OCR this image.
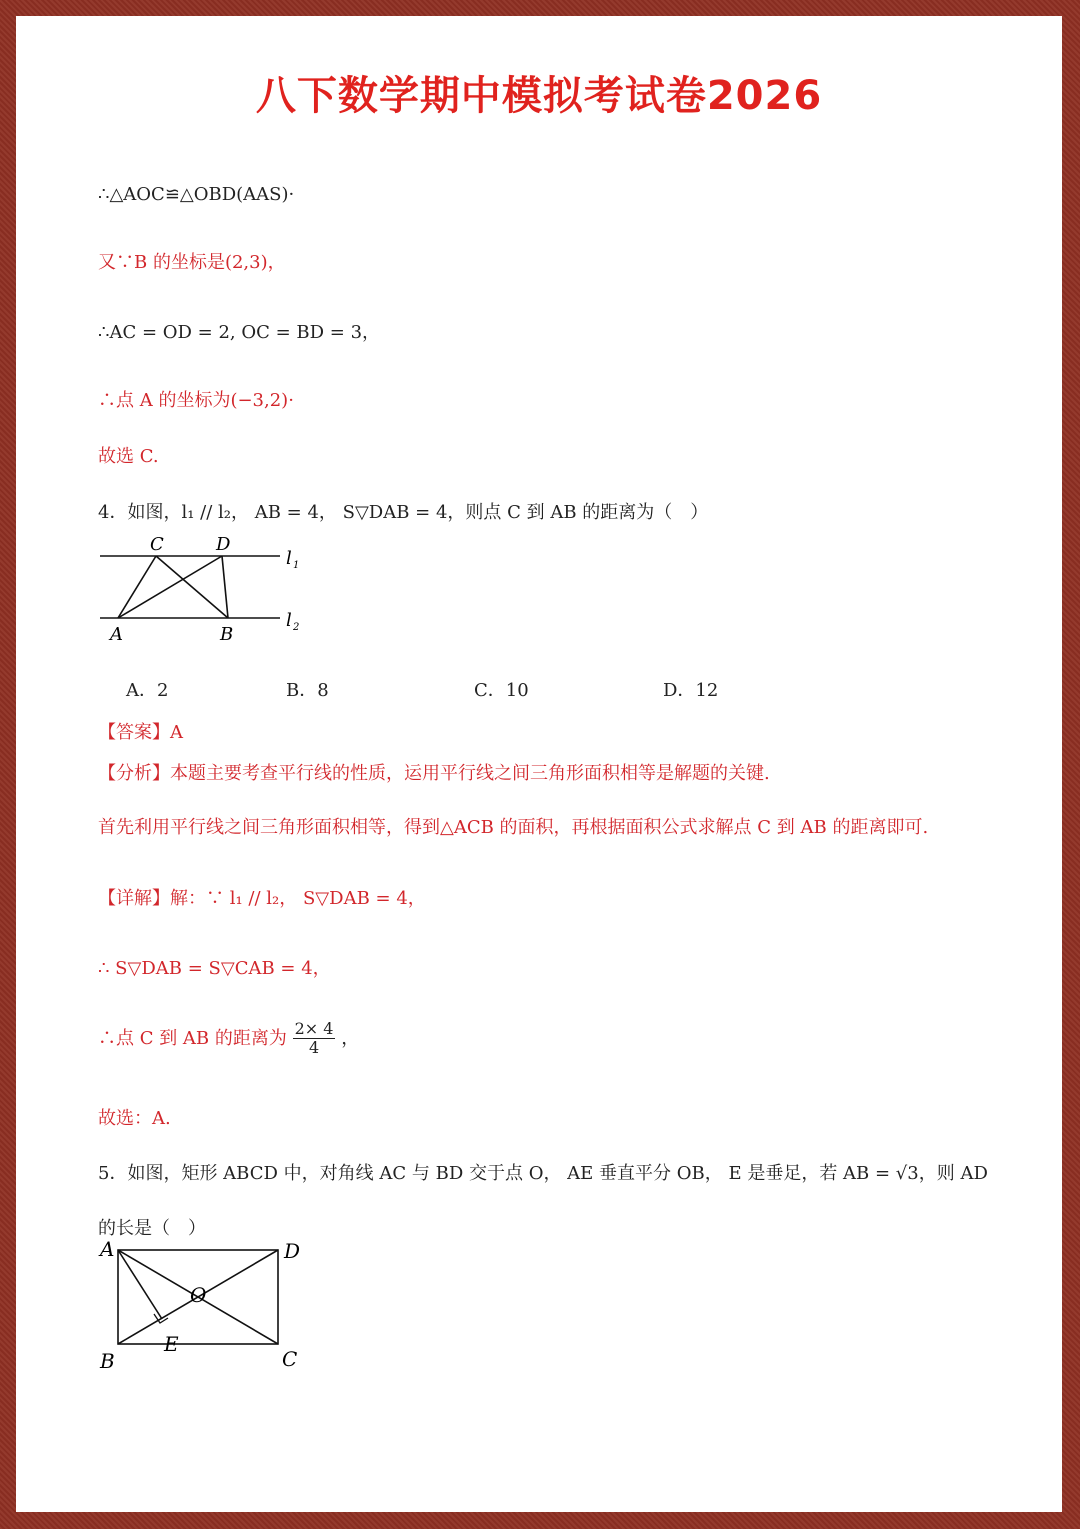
八下数学期中模拟考试卷2026
∴△AOC≌△OBD(AAS)·
又∵B 的坐标是(2,3)，
∴AC = OD = 2, OC = BD = 3，
∴点 A 的坐标为(−3,2)·
故选 C.
4．如图，l₁ // l₂， AB = 4， S▽DAB = 4，则点 C 到 AB 的距离为（　）
C	D
A	B
l 1
l 2
A．2	B．8	C．10	D．12
【答案】A
【分析】本题主要考查平行线的性质，运用平行线之间三角形面积相等是解题的关键.
首先利用平行线之间三角形面积相等，得到△ACB 的面积，再根据面积公式求解点 C 到 AB 的距离即可.
【详解】解：∵ l₁ // l₂， S▽DAB = 4，
∴ S▽DAB = S▽CAB = 4，
∴点 C 到 AB 的距离为 $\frac{2\times 4}{4}$ ，
故选：A.
5．如图，矩形 ABCD 中，对角线 AC 与 BD 交于点 O， AE 垂直平分 OB， E 是垂足，若 AB = √3，则 AD
的长是（　）
A	D
B	C
O
E
